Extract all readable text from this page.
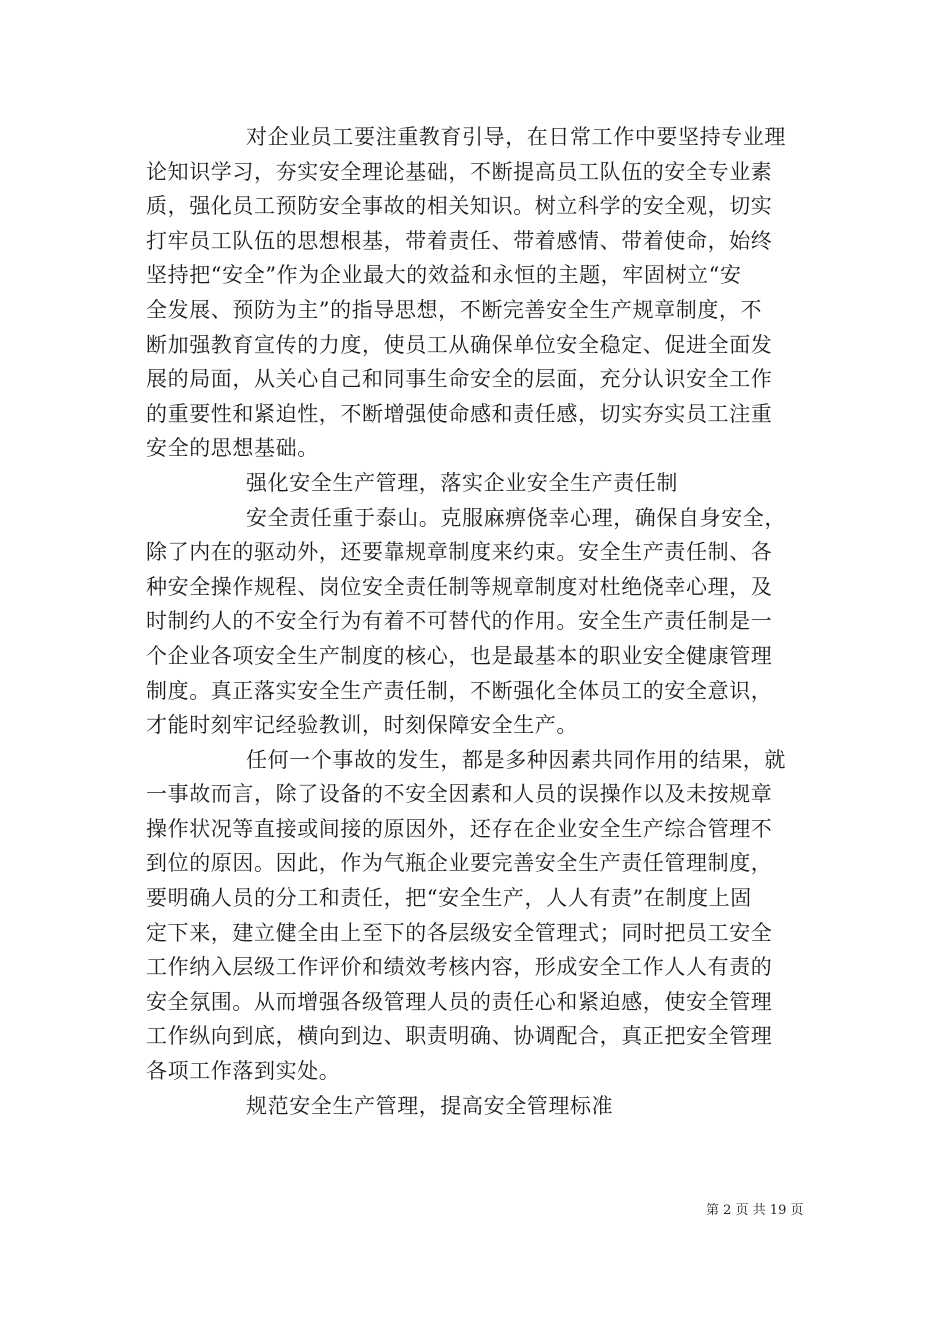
对企业员工要注重教育引导，在日常工作中要坚持专业理
论知识学习，夯实安全理论基础，不断提高员工队伍的安全专业素
质，强化员工预防安全事故的相关知识。树立科学的安全观，切实
打牢员工队伍的思想根基，带着责任、带着感情、带着使命，始终
坚持把“安全”作为企业最大的效益和永恒的主题，牢固树立“安
全发展、预防为主”的指导思想，不断完善安全生产规章制度，不
断加强教育宣传的力度，使员工从确保单位安全稳定、促进全面发
展的局面，从关心自己和同事生命安全的层面，充分认识安全工作
的重要性和紧迫性，不断增强使命感和责任感，切实夯实员工注重
安全的思想基础。
强化安全生产管理，落实企业安全生产责任制
安全责任重于泰山。克服麻痹侥幸心理，确保自身安全，
除了内在的驱动外，还要靠规章制度来约束。安全生产责任制、各
种安全操作规程、岗位安全责任制等规章制度对杜绝侥幸心理，及
时制约人的不安全行为有着不可替代的作用。安全生产责任制是一
个企业各项安全生产制度的核心，也是最基本的职业安全健康管理
制度。真正落实安全生产责任制，不断强化全体员工的安全意识，
才能时刻牢记经验教训，时刻保障安全生产。
任何一个事故的发生，都是多种因素共同作用的结果，就
一事故而言，除了设备的不安全因素和人员的误操作以及未按规章
操作状况等直接或间接的原因外，还存在企业安全生产综合管理不
到位的原因。因此，作为气瓶企业要完善安全生产责任管理制度，
要明确人员的分工和责任，把“安全生产，人人有责”在制度上固
定下来，建立健全由上至下的各层级安全管理式；同时把员工安全
工作纳入层级工作评价和绩效考核内容，形成安全工作人人有责的
安全氛围。从而增强各级管理人员的责任心和紧迫感，使安全管理
工作纵向到底，横向到边、职责明确、协调配合，真正把安全管理
各项工作落到实处。
规范安全生产管理，提高安全管理标准
第 2 页 共 19 页
